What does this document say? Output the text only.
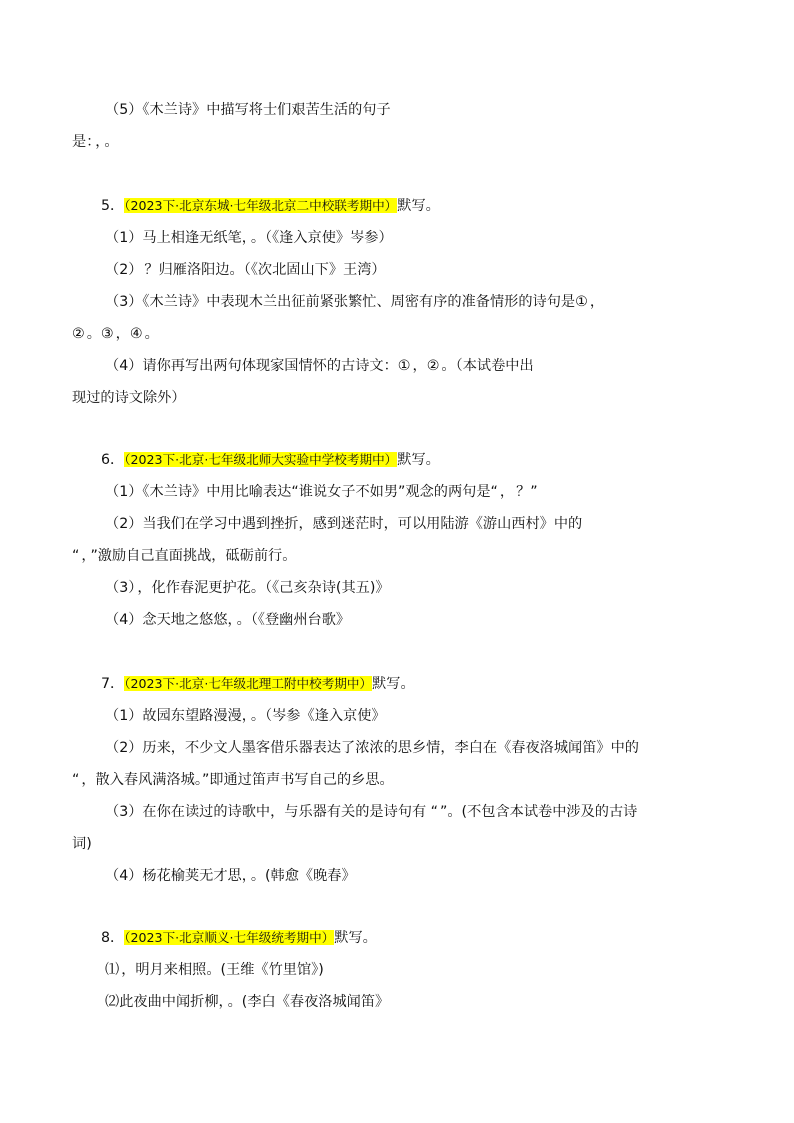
（5）《木兰诗》中描写将士们艰苦生活的句子
是： ， 。
5．（2023下·北京东城·七年级北京二中校联考期中）默写。
（1）马上相逢无纸笔， 。（《逢入京使》岑参）
（2） ？归雁洛阳边。（《次北固山下》王湾）
（3）《木兰诗》中表现木兰出征前紧张繁忙、周密有序的准备情形的诗句是① ，
② 。③ ，④ 。
（4）请你再写出两句体现家国情怀的古诗文：① ，② 。（本试卷中出
现过的诗文除外）
6．（2023下·北京·七年级北师大实验中学校考期中）默写。
（1）《木兰诗》中用比喻表达“谁说女子不如男”观念的两句是“ ， ？”
（2）当我们在学习中遇到挫折，感到迷茫时，可以用陆游《游山西村》中的
“ ， ”激励自己直面挑战，砥砺前行。
（3） ，化作春泥更护花。（《己亥杂诗(其五)》
（4）念天地之悠悠， 。（《登幽州台歌》
7．（2023下·北京·七年级北理工附中校考期中）默写。
（1）故园东望路漫漫， 。（岑参《逢入京使》
（2）历来，不少文人墨客借乐器表达了浓浓的思乡情，李白在《春夜洛城闻笛》中的
“ ，散入春风满洛城。”即通过笛声书写自己的乡思。
（3）在你在读过的诗歌中，与乐器有关的是诗句有 “ ”。(不包含本试卷中涉及的古诗
词)
（4）杨花榆荚无才思， 。(韩愈《晚春》
8．（2023下·北京顺义·七年级统考期中）默写。
⑴ ，明月来相照。(王维《竹里馆》)
⑵此夜曲中闻折柳， 。(李白《春夜洛城闻笛》
